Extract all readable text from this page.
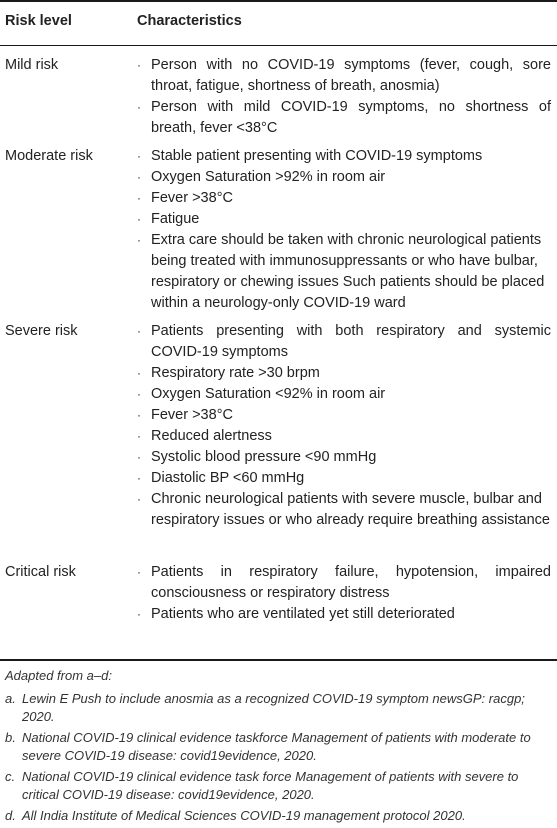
Risk level	Characteristics
Mild risk	· Person with no COVID-19 symptoms (fever, cough, sore throat, fatigue, shortness of breath, anosmia)
· Person with mild COVID-19 symptoms, no shortness of breath, fever <38°C
Moderate risk	· Stable patient presenting with COVID-19 symptoms
· Oxygen Saturation >92% in room air
· Fever >38°C
· Fatigue
· Extra care should be taken with chronic neurological patients being treated with immunosuppressants or who have bulbar, respiratory or chewing issues Such patients should be placed within a neurology-only COVID-19 ward
Severe risk	· Patients presenting with both respiratory and systemic COVID-19 symptoms
· Respiratory rate >30 brpm
· Oxygen Saturation <92% in room air
· Fever >38°C
· Reduced alertness
· Systolic blood pressure <90 mmHg
· Diastolic BP <60 mmHg
· Chronic neurological patients with severe muscle, bulbar and respiratory issues or who already require breathing assistance
Critical risk	· Patients in respiratory failure, hypotension, impaired consciousness or respiratory distress
· Patients who are ventilated yet still deteriorated
Adapted from a–d:
a. Lewin E Push to include anosmia as a recognized COVID-19 symptom newsGP: racgp; 2020.
b. National COVID-19 clinical evidence taskforce Management of patients with moderate to severe COVID-19 disease: covid19evidence, 2020.
c. National COVID-19 clinical evidence task force Management of patients with severe to critical COVID-19 disease: covid19evidence, 2020.
d. All India Institute of Medical Sciences COVID-19 management protocol 2020.
